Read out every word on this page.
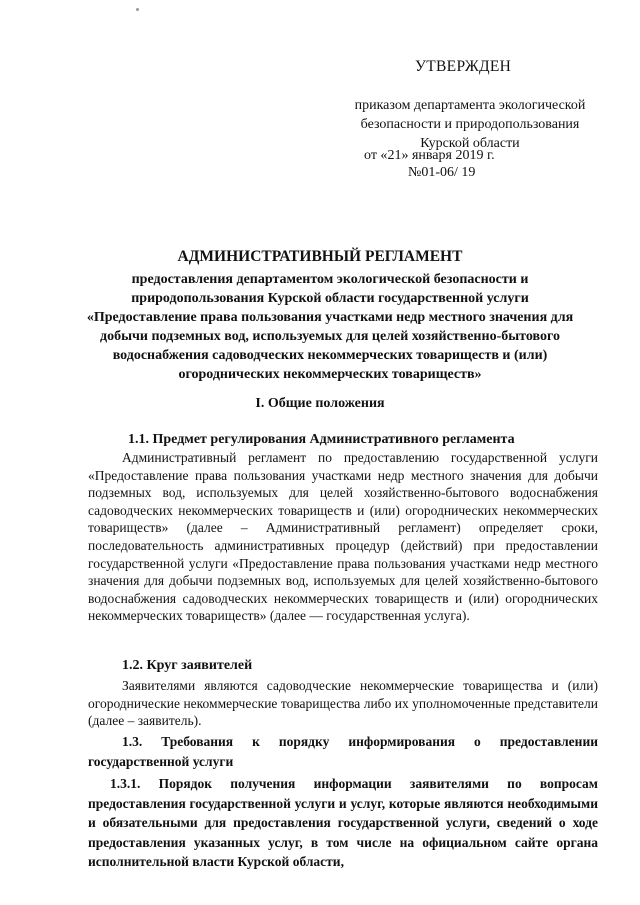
УТВЕРЖДЕН
приказом департамента экологической
безопасности и природопользования
Курской области
от «21» января 2019 г.
№01-06/ 19
АДМИНИСТРАТИВНЫЙ РЕГЛАМЕНТ
предоставления департаментом экологической безопасности и природопользования Курской области государственной услуги «Предоставление права пользования участками недр местного значения для добычи подземных вод, используемых для целей хозяйственно-бытового водоснабжения садоводческих некоммерческих товариществ и (или) огороднических некоммерческих товариществ»
I. Общие положения
1.1. Предмет регулирования Административного регламента
Административный регламент по предоставлению государственной услуги «Предоставление права пользования участками недр местного значения для добычи подземных вод, используемых для целей хозяйственно-бытового водоснабжения садоводческих некоммерческих товариществ и (или) огороднических некоммерческих товариществ» (далее – Административный регламент) определяет сроки, последовательность административных процедур (действий) при предоставлении государственной услуги «Предоставление права пользования участками недр местного значения для добычи подземных вод, используемых для целей хозяйственно-бытового водоснабжения садоводческих некоммерческих товариществ и (или) огороднических некоммерческих товариществ» (далее — государственная услуга).
1.2. Круг заявителей
Заявителями являются садоводческие некоммерческие товарищества и (или) огороднические некоммерческие товарищества либо их уполномоченные представители (далее – заявитель).
1.3. Требования к порядку информирования о предоставлении государственной услуги
1.3.1. Порядок получения информации заявителями по вопросам предоставления государственной услуги и услуг, которые являются необходимыми и обязательными для предоставления государственной услуги, сведений о ходе предоставления указанных услуг, в том числе на официальном сайте органа исполнительной власти Курской области,
